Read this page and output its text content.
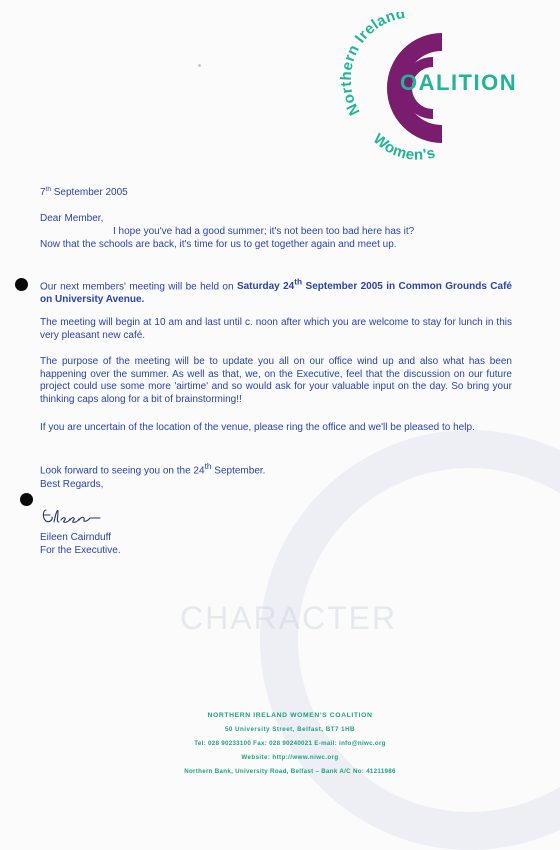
CHARACTER
Northern Ireland
Women's
OALITION
7th September 2005
Dear Member,
I hope you've had a good summer; it's not been too bad here has it?
Now that the schools are back, it's time for us to get together again and meet up.

Our next members' meeting will be held on Saturday 24th September 2005 in Common Grounds Café on University Avenue.

The meeting will begin at 10 am and last until c. noon after which you are welcome to stay for lunch in this very pleasant new café.

The purpose of the meeting will be to update you all on our office wind up and also what has been happening over the summer. As well as that, we, on the Executive, feel that the discussion on our future project could use some more 'airtime' and so would ask for your valuable input on the day. So bring your thinking caps along for a bit of brainstorming!!

If you are uncertain of the location of the venue, please ring the office and we'll be pleased to help.

Look forward to seeing you on the 24th September.

Best Regards,
Eileen Cairnduff
For the Executive.
NORTHERN IRELAND WOMEN'S COALITION
50 University Street, Belfast, BT7 1HB
Tel: 028 90233100 Fax: 028 90240021 E-mail: info@niwc.org
Website: http://www.niwc.org
Northern Bank, University Road, Belfast – Bank A/C No: 41211986
